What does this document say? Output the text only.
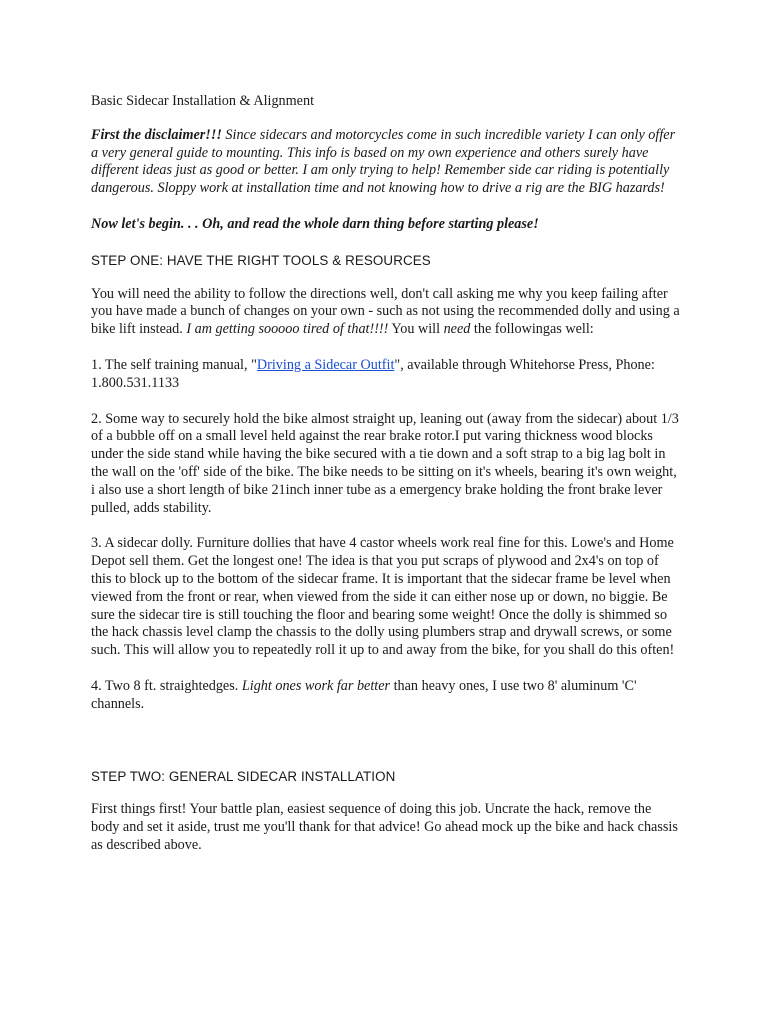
Basic Sidecar Installation & Alignment

First the disclaimer!!! Since sidecars and motorcycles come in such incredible variety I can only offer a very general guide to mounting. This info is based on my own experience and others surely have different ideas just as good or better. I am only trying to help! Remember side car riding is potentially dangerous. Sloppy work at installation time and not knowing how to drive a rig are the BIG hazards!

Now let's begin. . . Oh, and read the whole darn thing before starting please!

STEP ONE: HAVE THE RIGHT TOOLS & RESOURCES

You will need the ability to follow the directions well, don't call asking me why you keep failing after you have made a bunch of changes on your own - such as not using the recommended dolly and using a bike lift instead. I am getting sooooo tired of that!!!! You will need the followingas well:

1. The self training manual, "Driving a Sidecar Outfit", available through Whitehorse Press, Phone: 1.800.531.1133

2. Some way to securely hold the bike almost straight up, leaning out (away from the sidecar) about 1/3 of a bubble off on a small level held against the rear brake rotor.I put varing thickness wood blocks under the side stand while having the bike secured with a tie down and a soft strap to a big lag bolt in the wall on the 'off' side of the bike. The bike needs to be sitting on it's wheels, bearing it's own weight, i also use a short length of bike 21inch inner tube as a emergency brake holding the front brake lever pulled, adds stability.

3. A sidecar dolly. Furniture dollies that have 4 castor wheels work real fine for this. Lowe's and Home Depot sell them. Get the longest one! The idea is that you put scraps of plywood and 2x4's on top of this to block up to the bottom of the sidecar frame. It is important that the sidecar frame be level when viewed from the front or rear, when viewed from the side it can either nose up or down, no biggie. Be sure the sidecar tire is still touching the floor and bearing some weight! Once the dolly is shimmed so the hack chassis level clamp the chassis to the dolly using plumbers strap and drywall screws, or some such. This will allow you to repeatedly roll it up to and away from the bike, for you shall do this often!

4. Two 8 ft. straightedges. Light ones work far better than heavy ones, I use two 8' aluminum 'C' channels.

STEP TWO: GENERAL SIDECAR INSTALLATION

First things first! Your battle plan, easiest sequence of doing this job. Uncrate the hack, remove the body and set it aside, trust me you'll thank for that advice! Go ahead mock up the bike and hack chassis as described above.
